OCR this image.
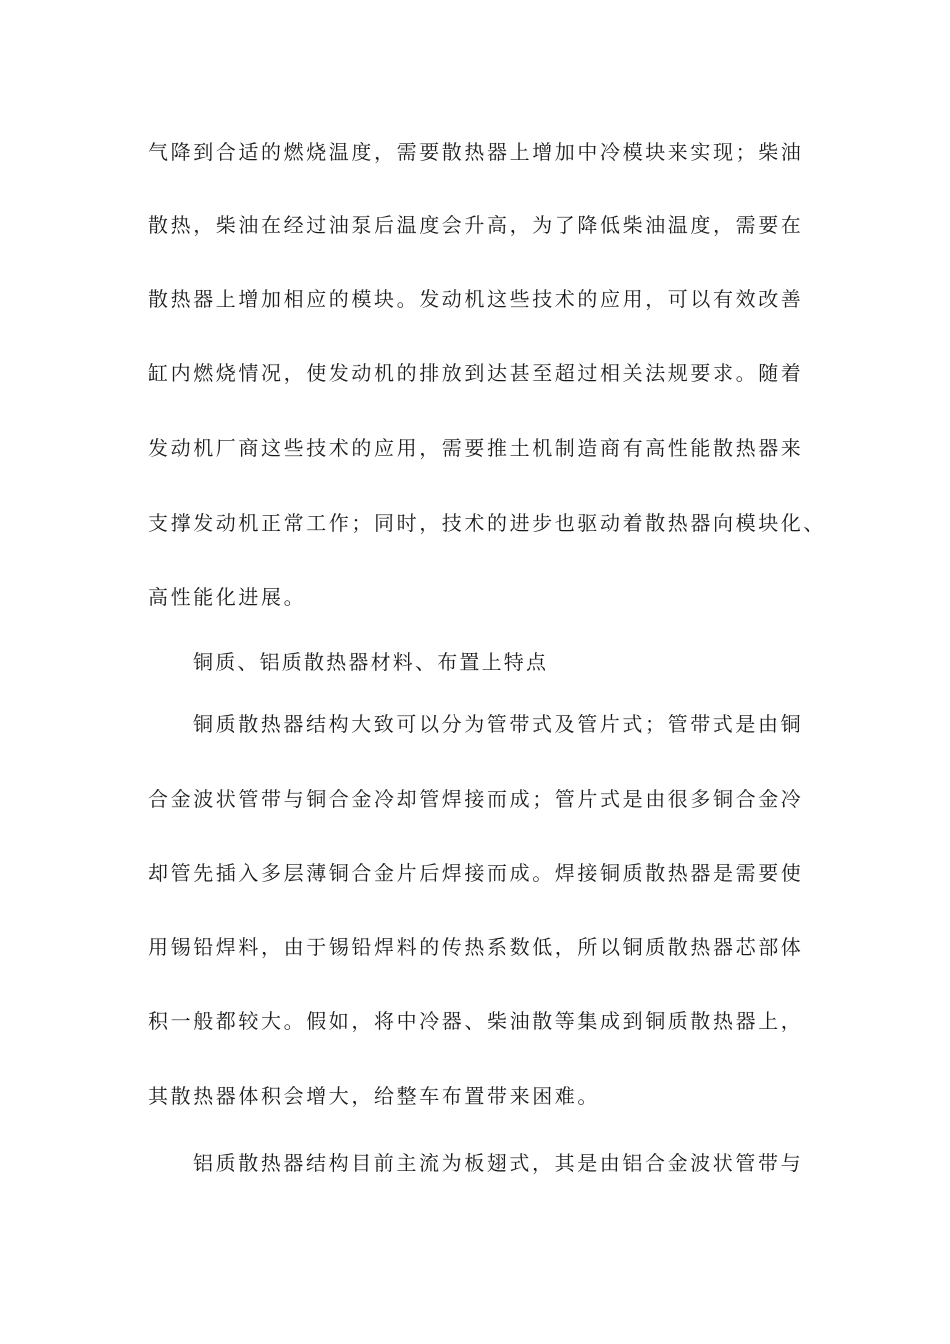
气降到合适的燃烧温度，需要散热器上增加中冷模块来实现；柴油
散热，柴油在经过油泵后温度会升高，为了降低柴油温度，需要在
散热器上增加相应的模块。发动机这些技术的应用，可以有效改善
缸内燃烧情况，使发动机的排放到达甚至超过相关法规要求。随着
发动机厂商这些技术的应用，需要推土机制造商有高性能散热器来
支撑发动机正常工作；同时，技术的进步也驱动着散热器向模块化、
高性能化进展。
铜质、铝质散热器材料、布置上特点
铜质散热器结构大致可以分为管带式及管片式；管带式是由铜
合金波状管带与铜合金冷却管焊接而成；管片式是由很多铜合金冷
却管先插入多层薄铜合金片后焊接而成。焊接铜质散热器是需要使
用锡铅焊料，由于锡铅焊料的传热系数低，所以铜质散热器芯部体
积一般都较大。假如，将中冷器、柴油散等集成到铜质散热器上，
其散热器体积会增大，给整车布置带来困难。
铝质散热器结构目前主流为板翅式，其是由铝合金波状管带与
